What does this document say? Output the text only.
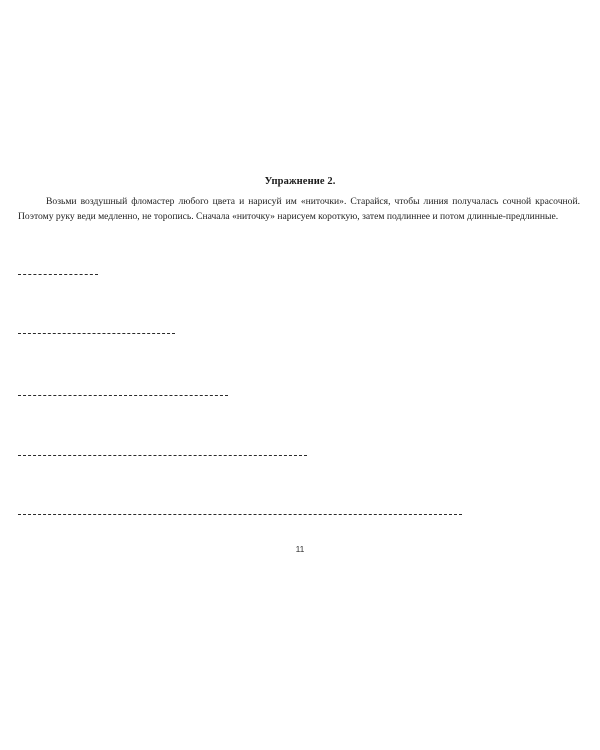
Упражнение 2.
Возьми воздушный фломастер любого цвета и нарисуй им «ниточки». Старайся, чтобы линия получалась сочной красочной. Поэтому руку веди медленно, не торопись. Сначала «ниточку» нарисуем короткую, затем подлиннее и потом длинные-предлинные.
11
